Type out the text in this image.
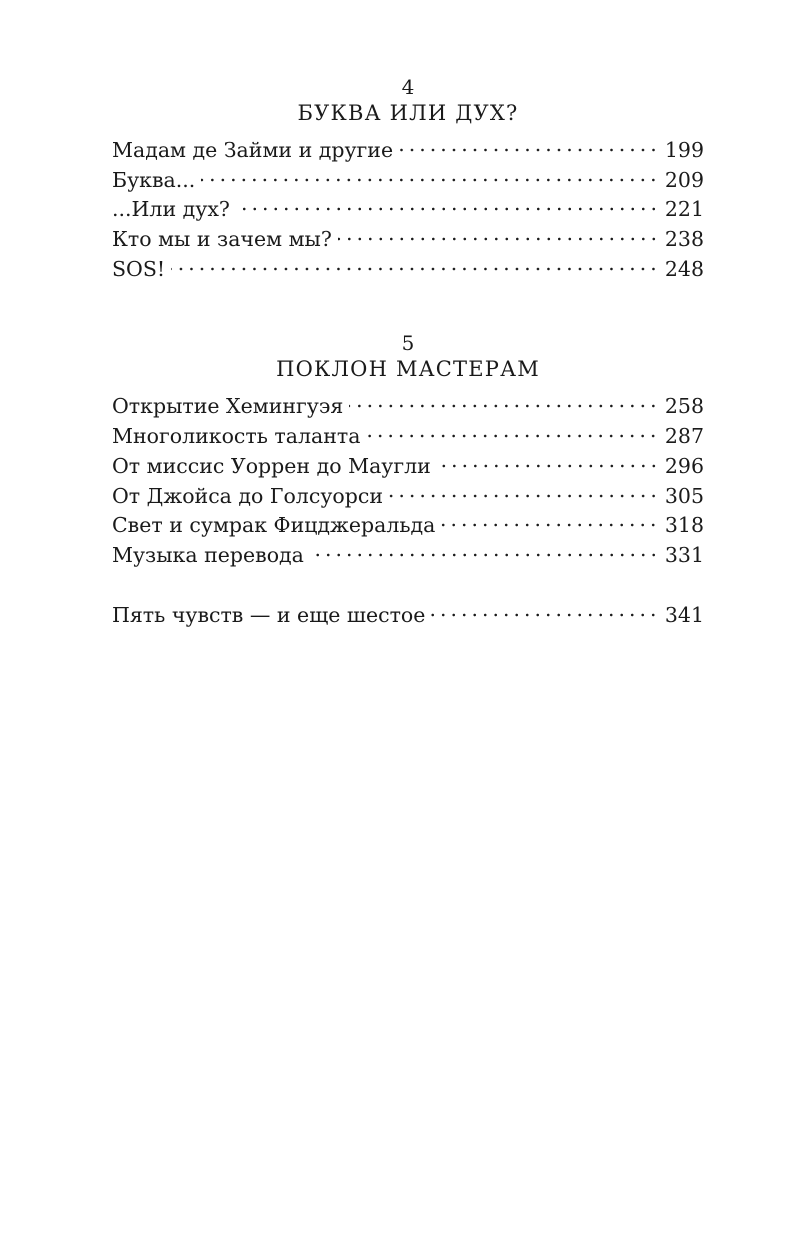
4
БУКВА ИЛИ ДУХ?
Мадам де Займи и другие	199
Буква...	209
...Или дух?	221
Кто мы и зачем мы?	238
SOS!	248
5
ПОКЛОН МАСТЕРАМ
Открытие Хемингуэя	258
Многоликость таланта	287
От миссис Уоррен до Маугли	296
От Джойса до Голсуорси	305
Свет и сумрак Фицджеральда	318
Музыка перевода	331
Пять чувств — и еще шестое	341
